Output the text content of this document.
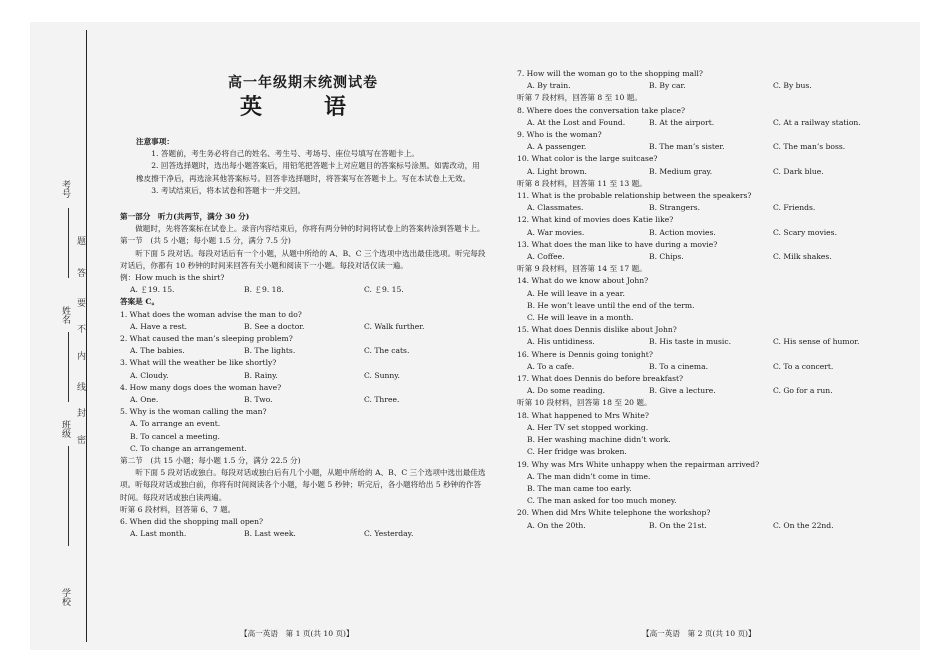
考号
姓名
班级
学校
题
答
要
不
内
线
封
密
高一年级期末统测试卷
英　语
注意事项：
1. 答题前，考生务必将自己的姓名、考生号、考场号、座位号填写在答题卡上。
2. 回答选择题时，选出每小题答案后，用铅笔把答题卡上对应题目的答案标号涂黑。如需改动，用橡皮擦干净后，再选涂其他答案标号。回答非选择题时，将答案写在答题卡上。写在本试卷上无效。
3. 考试结束后，将本试卷和答题卡一并交回。
第一部分　听力(共两节，满分 30 分)
做题时，先将答案标在试卷上。录音内容结束后，你将有两分钟的时间将试卷上的答案转涂到答题卡上。
第一节　(共 5 小题；每小题 1.5 分，满分 7.5 分)
听下面 5 段对话。每段对话后有一个小题，从题中所给的 A、B、C 三个选项中选出最佳选项。听完每段对话后，你都有 10 秒钟的时间来回答有关小题和阅读下一小题。每段对话仅读一遍。
例：How much is the shirt?
A. ￡19. 15.	B. ￡9. 18.	C. ￡9. 15.
答案是 C。
1. What does the woman advise the man to do?
A. Have a rest.	B. See a doctor.	C. Walk further.
2. What caused the man’s sleeping problem?
A. The babies.	B. The lights.	C. The cats.
3. What will the weather be like shortly?
A. Cloudy.	B. Rainy.	C. Sunny.
4. How many dogs does the woman have?
A. One.	B. Two.	C. Three.
5. Why is the woman calling the man?
A. To arrange an event.
B. To cancel a meeting.
C. To change an arrangement.
第二节　(共 15 小题；每小题 1.5 分，满分 22.5 分)
听下面 5 段对话或独白。每段对话或独白后有几个小题，从题中所给的 A、B、C 三个选项中选出最佳选项。听每段对话或独白前，你将有时间阅读各个小题，每小题 5 秒钟；听完后，各小题将给出 5 秒钟的作答时间。每段对话或独白读两遍。
听第 6 段材料，回答第 6、7 题。
6. When did the shopping mall open?
A. Last month.	B. Last week.	C. Yesterday.
7. How will the woman go to the shopping mall?
A. By train.	B. By car.	C. By bus.
听第 7 段材料，回答第 8 至 10 题。
8. Where does the conversation take place?
A. At the Lost and Found.	B. At the airport.	C. At a railway station.
9. Who is the woman?
A. A passenger.	B. The man’s sister.	C. The man’s boss.
10. What color is the large suitcase?
A. Light brown.	B. Medium gray.	C. Dark blue.
听第 8 段材料，回答第 11 至 13 题。
11. What is the probable relationship between the speakers?
A. Classmates.	B. Strangers.	C. Friends.
12. What kind of movies does Katie like?
A. War movies.	B. Action movies.	C. Scary movies.
13. What does the man like to have during a movie?
A. Coffee.	B. Chips.	C. Milk shakes.
听第 9 段材料，回答第 14 至 17 题。
14. What do we know about John?
A. He will leave in a year.
B. He won’t leave until the end of the term.
C. He will leave in a month.
15. What does Dennis dislike about John?
A. His untidiness.	B. His taste in music.	C. His sense of humor.
16. Where is Dennis going tonight?
A. To a cafe.	B. To a cinema.	C. To a concert.
17. What does Dennis do before breakfast?
A. Do some reading.	B. Give a lecture.	C. Go for a run.
听第 10 段材料，回答第 18 至 20 题。
18. What happened to Mrs White?
A. Her TV set stopped working.
B. Her washing machine didn’t work.
C. Her fridge was broken.
19. Why was Mrs White unhappy when the repairman arrived?
A. The man didn’t come in time.
B. The man came too early.
C. The man asked for too much money.
20. When did Mrs White telephone the workshop?
A. On the 20th.	B. On the 21st.	C. On the 22nd.
【高一英语　第 1 页(共 10 页)】	【高一英语　第 2 页(共 10 页)】
